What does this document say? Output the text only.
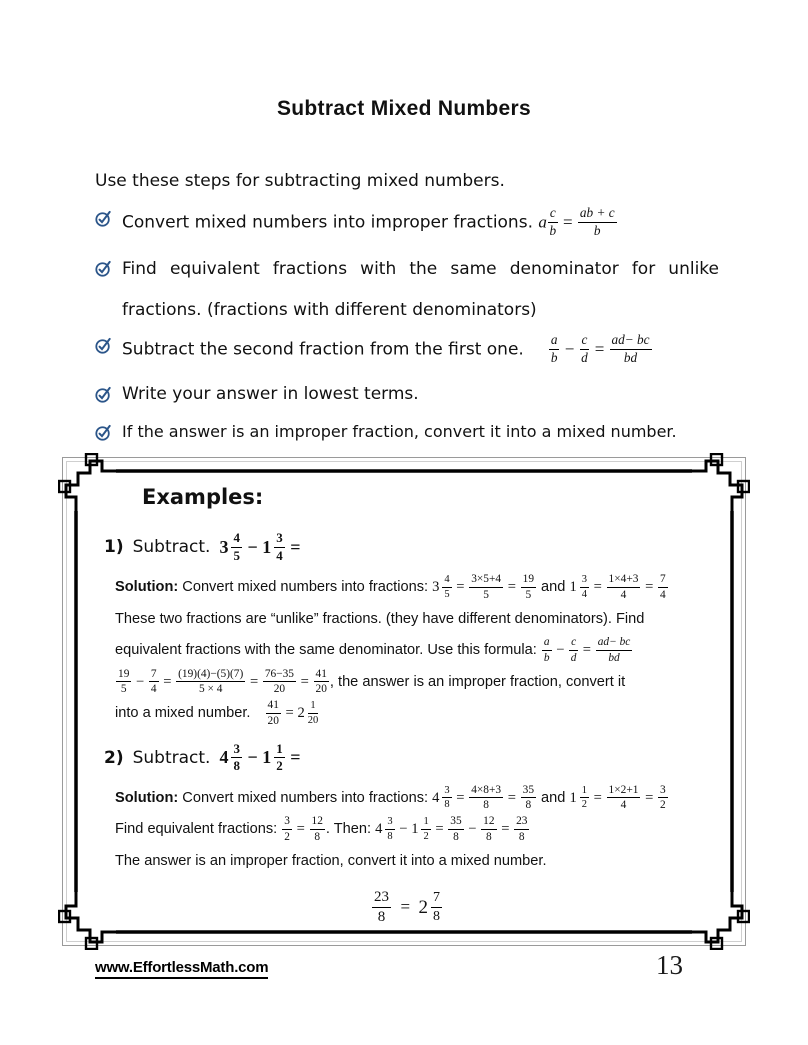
Subtract Mixed Numbers
Use these steps for subtracting mixed numbers.
Convert mixed numbers into improper fractions. a $\frac{c}{b} = \frac{ab + c}{b}$
Find equivalent fractions with the same denominator for unlike fractions. (fractions with different denominators)
Subtract the second fraction from the first one. $\frac{a}{b} - \frac{c}{d} = \frac{ad- bc}{bd}$
Write your answer in lowest terms.
If the answer is an improper fraction, convert it into a mixed number.
Examples:
1) Subtract. 3 4
5 − 1 3
4 =
Solution: Convert mixed numbers into fractions: 3 4
$5 = \frac{3\times 5+4}{5} = \frac{19}{5}$ and 1 3
$4 = \frac{1\times 4+3}{4} = \frac{7}{4}$
These two fractions are “unlike” fractions. (they have different denominators). Find
equivalent fractions with the same denominator. Use this formula: $\frac{a}{b} - \frac{c}{d} = \frac{ad- bc}{bd}$
$\frac{19}{5} - \frac{7}{4} = \frac{(19)(4)-(5)(7)}{5 \times 4} = \frac{76-35}{20} = \frac{41}{20}$ , the answer is an improper fraction, convert it
into a mixed number. $\frac{41}{20} = 2$ 1
20
2) Subtract. 4 3
8 − 1 1
2 =
Solution: Convert mixed numbers into fractions: 4 3
$8 = \frac{4\times 8+3}{8} = \frac{35}{8}$ and 1 1
$2 = \frac{1\times 2+1}{4} = \frac{3}{2}$
Find equivalent fractions: $\frac{3}{2} = \frac{12}{8}$ . Then: 4 3
8 − 1 1
$2 = \frac{35}{8} - \frac{12}{8} = \frac{23}{8}$
The answer is an improper fraction, convert it into a mixed number.
$\frac{23}{8} = 2$ 7
8
www.EffortlessMath.com	13
